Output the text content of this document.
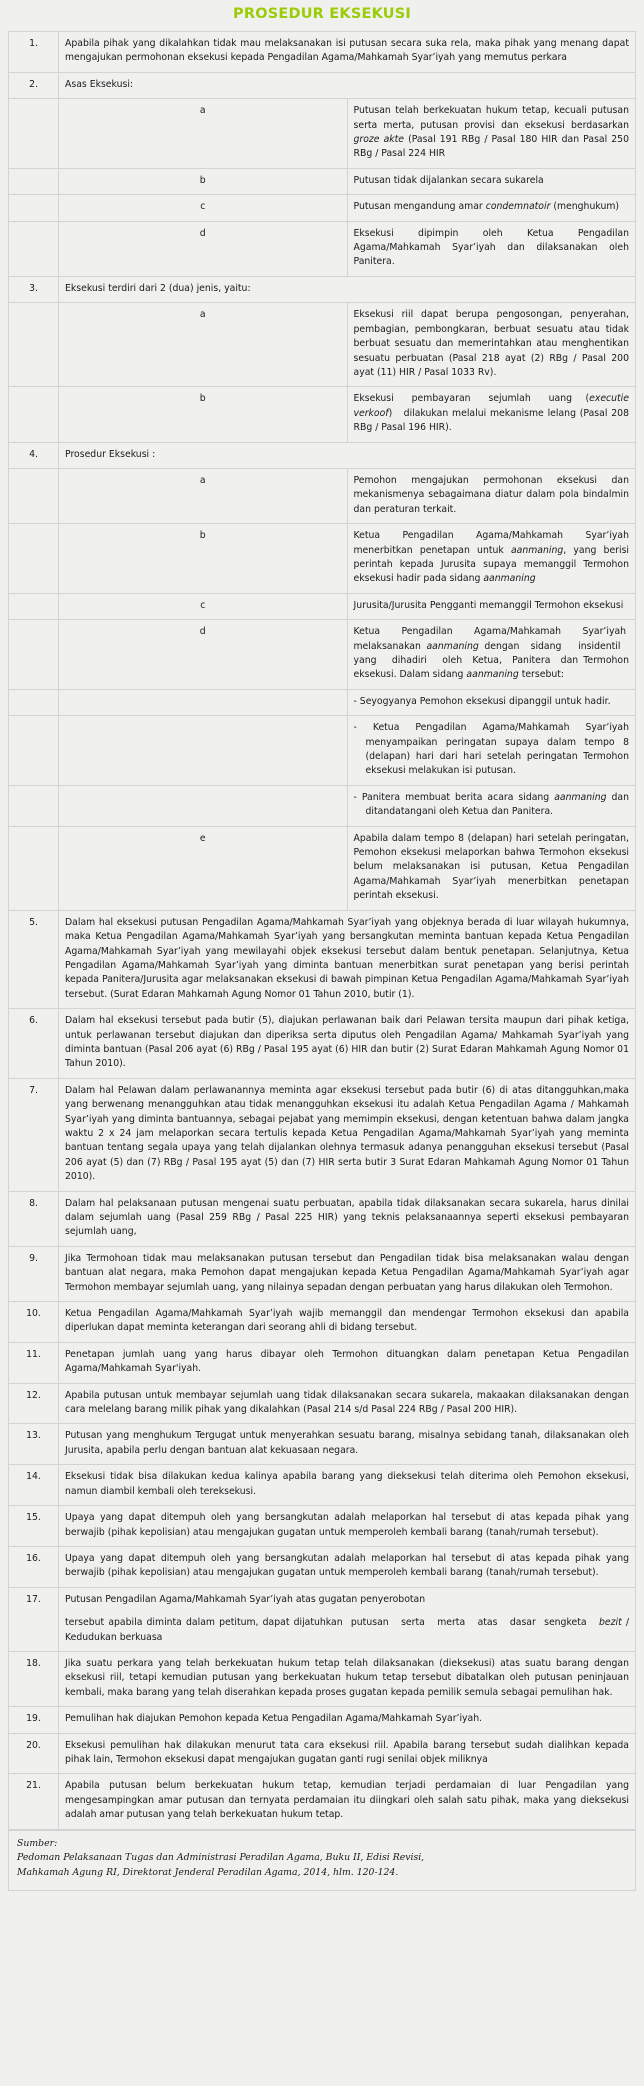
PROSEDUR EKSEKUSI
1.	Apabila pihak yang dikalahkan tidak mau melaksanakan isi putusan secara suka rela, maka pihak yang menang dapat mengajukan permohonan eksekusi kepada Pengadilan Agama/Mahkamah Syar’iyah yang memutus perkara	
2.	Asas Eksekusi:	
	a	Putusan telah berkekuatan hukum tetap, kecuali putusan serta merta, putusan provisi dan eksekusi berdasarkan groze akte (Pasal 191 RBg / Pasal 180 HIR dan Pasal 250 RBg / Pasal 224 HIR
	b	Putusan tidak dijalankan secara sukarela
	c	Putusan mengandung amar condemnatoir (menghukum)
	d	Eksekusi dipimpin oleh Ketua Pengadilan Agama/Mahkamah Syar’iyah dan dilaksanakan oleh Panitera.
3.	Eksekusi terdiri dari 2 (dua) jenis, yaitu:	
	a	Eksekusi riil dapat berupa pengosongan, penyerahan, pembagian, pembongkaran, berbuat sesuatu atau tidak berbuat sesuatu dan memerintahkan atau menghentikan sesuatu perbuatan (Pasal 218 ayat (2) RBg / Pasal 200 ayat (11) HIR / Pasal 1033 Rv).
	b	Eksekusi    pembayaran    sejumlah    uang   (executie verkoof)   dilakukan melalui mekanisme lelang (Pasal 208 RBg / Pasal 196 HIR).
4.	Prosedur Eksekusi :	
	a	Pemohon mengajukan permohonan eksekusi dan mekanismenya sebagaimana diatur dalam pola bindalmin dan peraturan terkait.
	b	Ketua Pengadilan Agama/Mahkamah Syar’iyah menerbitkan penetapan untuk aanmaning, yang berisi perintah kepada Jurusita supaya memanggil Termohon eksekusi hadir pada sidang aanmaning
	c	Jurusita/Jurusita Pengganti memanggil Termohon eksekusi
	d	Ketua Pengadilan Agama/Mahkamah Syar’iyah  melaksanakan aanmaning dengan  sidang   insidentil   yang   dihadiri   oleh  Ketua,  Panitera  dan Termohon eksekusi. Dalam sidang aanmaning tersebut:

		- Seyogyanya Pemohon eksekusi dipanggil untuk hadir.

		- Ketua Pengadilan Agama/Mahkamah Syar’iyah menyampaikan peringatan supaya dalam tempo 8 (delapan) hari dari hari setelah peringatan Termohon eksekusi melakukan isi putusan.

		- Panitera membuat berita acara sidang aanmaning dan ditandatangani oleh Ketua dan Panitera.

	e	Apabila dalam tempo 8 (delapan) hari setelah peringatan, Pemohon eksekusi melaporkan bahwa Termohon eksekusi belum melaksanakan isi putusan, Ketua Pengadilan Agama/Mahkamah Syar’iyah menerbitkan penetapan perintah eksekusi.
5.	Dalam hal eksekusi putusan Pengadilan Agama/Mahkamah Syar’iyah yang objeknya berada di luar wilayah hukumnya, maka Ketua Pengadilan Agama/Mahkamah Syar’iyah yang bersangkutan meminta bantuan kepada Ketua Pengadilan Agama/Mahkamah Syar’iyah yang mewilayahi objek eksekusi tersebut dalam bentuk penetapan. Selanjutnya, Ketua Pengadilan Agama/Mahkamah Syar’iyah yang diminta bantuan menerbitkan surat penetapan yang berisi perintah kepada Panitera/Jurusita agar melaksanakan eksekusi di bawah pimpinan Ketua Pengadilan Agama/Mahkamah Syar’iyah tersebut. (Surat Edaran Mahkamah Agung Nomor 01 Tahun 2010, butir (1).	
6.	Dalam hal eksekusi tersebut pada butir (5), diajukan perlawanan baik dari Pelawan tersita maupun dari pihak ketiga, untuk perlawanan tersebut diajukan dan diperiksa serta diputus oleh Pengadilan Agama/ Mahkamah Syar’iyah yang diminta bantuan (Pasal 206 ayat (6) RBg / Pasal 195 ayat (6) HIR dan butir (2) Surat Edaran Mahkamah Agung Nomor 01 Tahun 2010).	
7.	Dalam hal Pelawan dalam perlawanannya meminta agar eksekusi tersebut pada butir (6) di atas ditangguhkan,maka yang berwenang menangguhkan atau tidak menangguhkan eksekusi itu adalah Ketua Pengadilan Agama / Mahkamah Syar’iyah yang diminta bantuannya, sebagai pejabat yang memimpin eksekusi, dengan ketentuan bahwa dalam jangka waktu 2 x 24 jam melaporkan secara tertulis kepada Ketua Pengadilan Agama/Mahkamah Syar’iyah yang meminta bantuan tentang segala upaya yang telah dijalankan olehnya termasuk adanya penangguhan eksekusi tersebut (Pasal 206 ayat (5) dan (7) RBg / Pasal 195 ayat (5) dan (7) HIR serta butir 3 Surat Edaran Mahkamah Agung Nomor 01 Tahun 2010).	
8.	Dalam hal pelaksanaan putusan mengenai suatu perbuatan, apabila tidak dilaksanakan secara sukarela, harus dinilai dalam sejumlah uang (Pasal 259 RBg / Pasal 225 HIR) yang teknis pelaksanaannya seperti eksekusi pembayaran sejumlah uang,	
9.	Jika Termohoan tidak mau melaksanakan putusan tersebut dan Pengadilan tidak bisa melaksanakan walau dengan bantuan alat negara, maka Pemohon dapat mengajukan kepada Ketua Pengadilan Agama/Mahkamah Syar’iyah agar Termohon membayar sejumlah uang, yang nilainya sepadan dengan perbuatan yang harus dilakukan oleh Termohon.	
10.	Ketua Pengadilan Agama/Mahkamah Syar’iyah wajib memanggil dan mendengar Termohon eksekusi dan apabila diperlukan dapat meminta keterangan dari seorang ahli di bidang tersebut.	
11.	Penetapan jumlah uang yang harus dibayar oleh Termohon dituangkan dalam penetapan Ketua Pengadilan Agama/Mahkamah Syar'iyah.	
12.	Apabila putusan untuk membayar sejumlah uang tidak dilaksanakan secara sukarela, makaakan dilaksanakan dengan cara melelang barang milik pihak yang dikalahkan (Pasal 214 s/d Pasal 224 RBg / Pasal 200 HIR).	
13.	Putusan yang menghukum Tergugat untuk menyerahkan sesuatu barang, misalnya sebidang tanah, dilaksanakan oleh Jurusita, apabila perlu dengan bantuan alat kekuasaan negara.	
14.	Eksekusi tidak bisa dilakukan kedua kalinya apabila barang yang dieksekusi telah diterima oleh Pemohon eksekusi, namun diambil kembali oleh tereksekusi.	
15.	Upaya yang dapat ditempuh oleh yang bersangkutan adalah melaporkan hal tersebut di atas kepada pihak yang berwajib (pihak kepolisian) atau mengajukan gugatan untuk memperoleh kembali barang (tanah/rumah tersebut).	
16.	Upaya yang dapat ditempuh oleh yang bersangkutan adalah melaporkan hal tersebut di atas kepada pihak yang berwajib (pihak kepolisian) atau mengajukan gugatan untuk memperoleh kembali barang (tanah/rumah tersebut).	
17.	Putusan Pengadilan Agama/Mahkamah Syar’iyah atas gugatan penyerobotan
tersebut apabila diminta dalam petitum, dapat dijatuhkan  putusan   serta   merta   atas   dasar  sengketa   bezit / Kedudukan berkuasa	

18.	Jika suatu perkara yang telah berkekuatan hukum tetap telah dilaksanakan (dieksekusi) atas suatu barang dengan eksekusi riil, tetapi kemudian putusan yang berkekuatan hukum tetap tersebut dibatalkan oleh putusan peninjauan kembali, maka barang yang telah diserahkan kepada proses gugatan kepada pemilik semula sebagai pemulihan hak.	
19.	Pemulihan hak diajukan Pemohon kepada Ketua Pengadilan Agama/Mahkamah Syar’iyah.	
20.	Eksekusi pemulihan hak dilakukan menurut tata cara eksekusi riil. Apabila barang tersebut sudah dialihkan kepada pihak lain, Termohon eksekusi dapat mengajukan gugatan ganti rugi senilai objek miliknya	
21.	Apabila putusan belum berkekuatan hukum tetap, kemudian terjadi perdamaian di luar Pengadilan yang mengesampingkan amar putusan dan ternyata perdamaian itu diingkari oleh salah satu pihak, maka yang dieksekusi adalah amar putusan yang telah berkekuatan hukum tetap.	
Sumber:
Pedoman Pelaksanaan Tugas dan Administrasi Peradilan Agama, Buku II, Edisi Revisi,
Mahkamah Agung RI, Direktorat Jenderal Peradilan Agama, 2014, hlm. 120-124.
